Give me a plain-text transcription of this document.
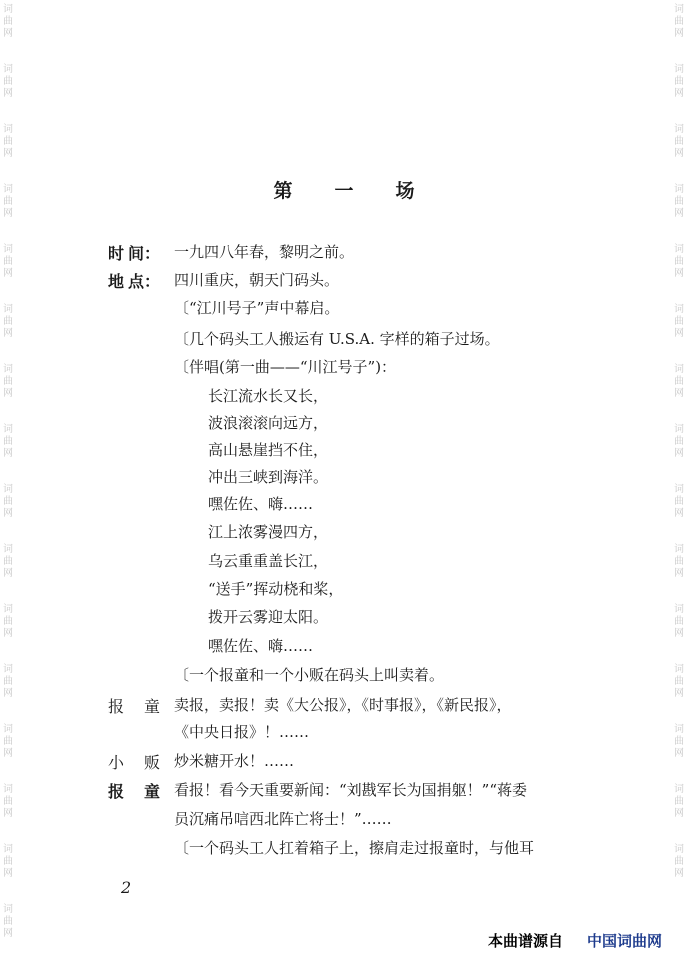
词
曲
网
词
曲
网
词
曲
网
词
曲
网
词
曲
网
词
曲
网
词
曲
网
词
曲
网
词
曲
网
词
曲
网
词
曲
网
词
曲
网
词
曲
网
词
曲
网
词
曲
网
词
曲
网
词
曲
网
词
曲
网
词
曲
网
词
曲
网
词
曲
网
词
曲
网
词
曲
网
词
曲
网
词
曲
网
词
曲
网
词
曲
网
词
曲
网
词
曲
网
词
曲
网
词
曲
网
第 一 场
时 间： 一九四八年春，黎明之前。
地 点： 四川重庆，朝天门码头。
〔“江川号子”声中幕启。
〔几个码头工人搬运有 U.S.A. 字样的箱子过场。
〔伴唱(第一曲——“川江号子”)：
长江流水长又长，
波浪滚滚向远方，
高山悬崖挡不住，
冲出三峡到海洋。
嘿佐佐、嗨……
江上浓雾漫四方，
乌云重重盖长江，
“送手”挥动桡和桨，
拨开云雾迎太阳。
嘿佐佐、嗨……
〔一个报童和一个小贩在码头上叫卖着。
报 童 卖报，卖报！卖《大公报》，《时事报》，《新民报》，
《中央日报》！……
小 贩 炒米糖开水！……
报 童 看报！看今天重要新闻：“刘戡军长为国捐躯！”“蒋委
员沉痛吊唁西北阵亡将士！”……
〔一个码头工人扛着箱子上，擦肩走过报童时，与他耳
2
本曲谱源自 中国词曲网
